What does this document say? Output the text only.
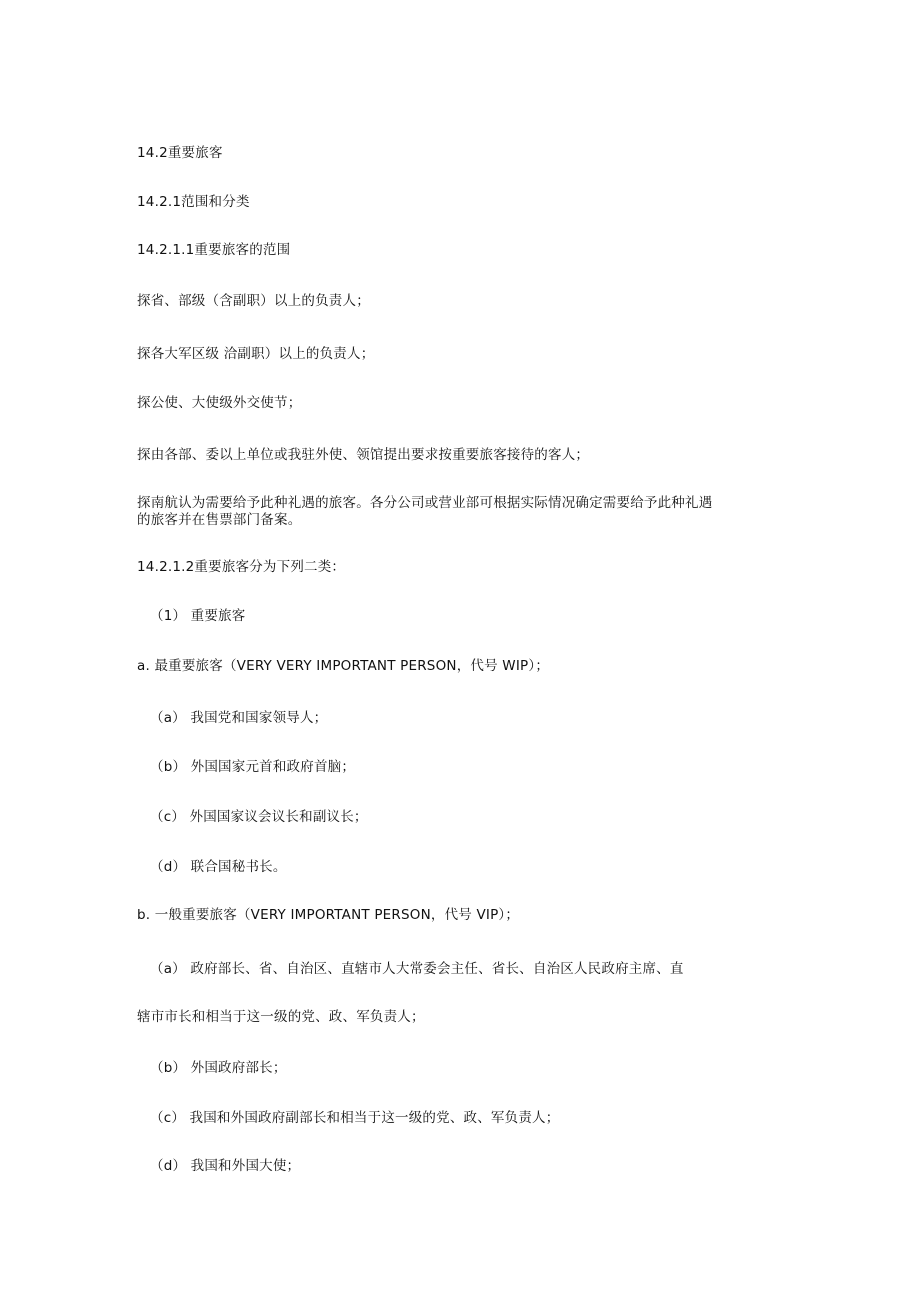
14.2重要旅客
14.2.1范围和分类
14.2.1.1重要旅客的范围
探省、部级（含副职）以上的负责人；
探各大军区级 洽副职）以上的负责人；
探公使、大使级外交使节；
探由各部、委以上单位或我驻外使、领馆提出要求按重要旅客接待的客人；
探南航认为需要给予此种礼遇的旅客。各分公司或营业部可根据实际情况确定需要给予此种礼遇的旅客并在售票部门备案。
14.2.1.2重要旅客分为下列二类：
（1） 重要旅客
a. 最重要旅客（VERY VERY IMPORTANT PERSON，代号 WIP）；
（a） 我国党和国家领导人；
（b） 外国国家元首和政府首脑；
（c） 外国国家议会议长和副议长；
（d） 联合国秘书长。
b. 一般重要旅客（VERY IMPORTANT PERSON，代号 VIP）；
（a） 政府部长、省、自治区、直辖市人大常委会主任、省长、自治区人民政府主席、直
辖市市长和相当于这一级的党、政、军负责人；
（b） 外国政府部长；
（c） 我国和外国政府副部长和相当于这一级的党、政、军负责人；
（d） 我国和外国大使；
